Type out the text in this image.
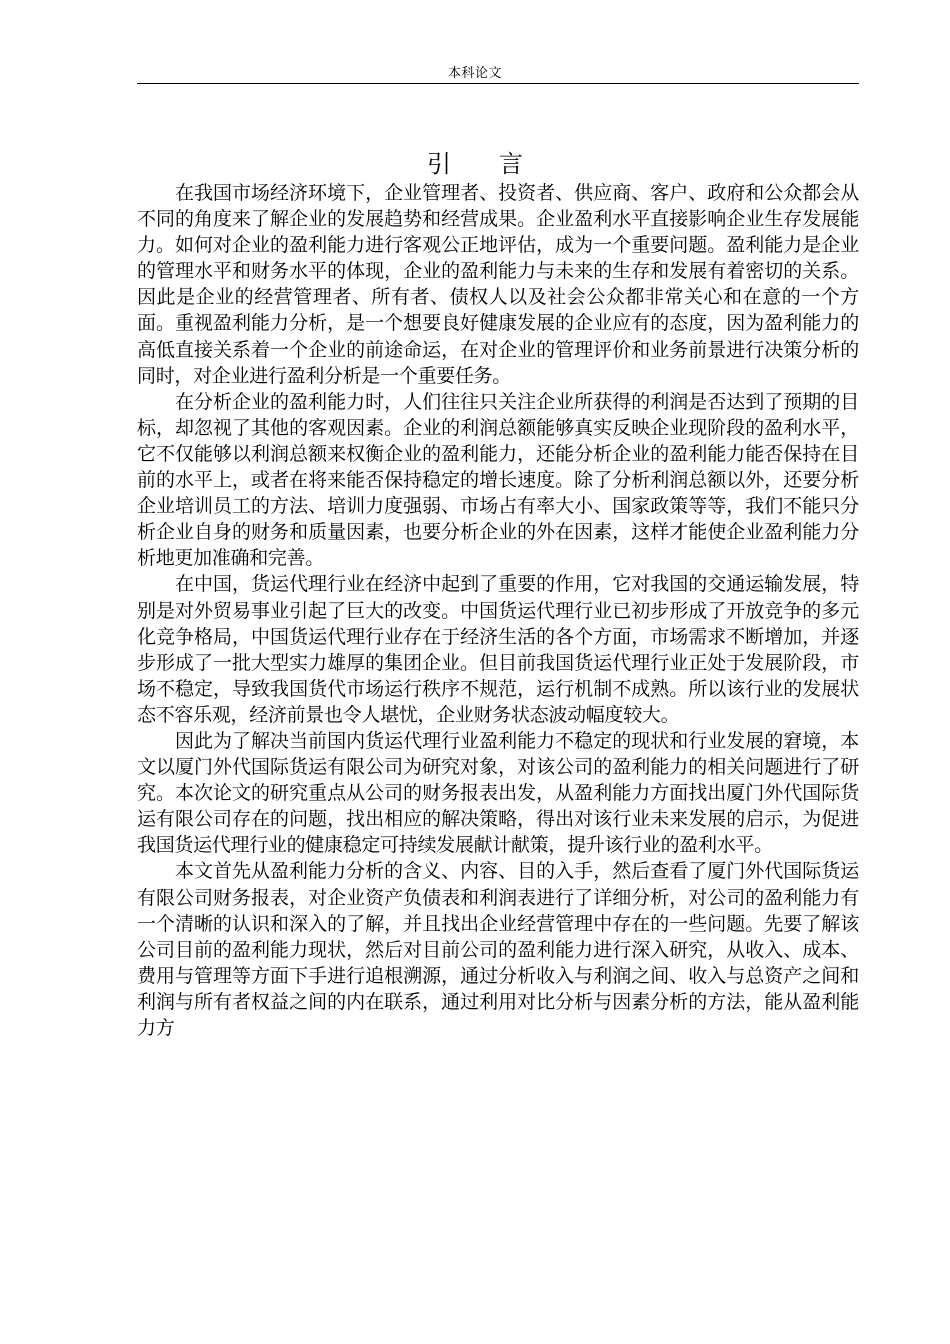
本科论文
引言

在我国市场经济环境下，企业管理者、投资者、供应商、客户、政府和公众都会从不同的角度来了解企业的发展趋势和经营成果。企业盈利水平直接影响企业生存发展能力。如何对企业的盈利能力进行客观公正地评估，成为一个重要问题。盈利能力是企业的管理水平和财务水平的体现，企业的盈利能力与未来的生存和发展有着密切的关系。因此是企业的经营管理者、所有者、债权人以及社会公众都非常关心和在意的一个方面。重视盈利能力分析，是一个想要良好健康发展的企业应有的态度，因为盈利能力的高低直接关系着一个企业的前途命运，在对企业的管理评价和业务前景进行决策分析的同时，对企业进行盈利分析是一个重要任务。

在分析企业的盈利能力时，人们往往只关注企业所获得的利润是否达到了预期的目标，却忽视了其他的客观因素。企业的利润总额能够真实反映企业现阶段的盈利水平，它不仅能够以利润总额来权衡企业的盈利能力，还能分析企业的盈利能力能否保持在目前的水平上，或者在将来能否保持稳定的增长速度。除了分析利润总额以外，还要分析企业培训员工的方法、培训力度强弱、市场占有率大小、国家政策等等，我们不能只分析企业自身的财务和质量因素，也要分析企业的外在因素，这样才能使企业盈利能力分析地更加准确和完善。

在中国，货运代理行业在经济中起到了重要的作用，它对我国的交通运输发展，特别是对外贸易事业引起了巨大的改变。中国货运代理行业已初步形成了开放竞争的多元化竞争格局，中国货运代理行业存在于经济生活的各个方面，市场需求不断增加，并逐步形成了一批大型实力雄厚的集团企业。但目前我国货运代理行业正处于发展阶段，市场不稳定，导致我国货代市场运行秩序不规范，运行机制不成熟。所以该行业的发展状态不容乐观，经济前景也令人堪忧，企业财务状态波动幅度较大。

因此为了解决当前国内货运代理行业盈利能力不稳定的现状和行业发展的窘境，本文以厦门外代国际货运有限公司为研究对象，对该公司的盈利能力的相关问题进行了研究。本次论文的研究重点从公司的财务报表出发，从盈利能力方面找出厦门外代国际货运有限公司存在的问题，找出相应的解决策略，得出对该行业未来发展的启示，为促进我国货运代理行业的健康稳定可持续发展献计献策，提升该行业的盈利水平。

本文首先从盈利能力分析的含义、内容、目的入手，然后查看了厦门外代国际货运有限公司财务报表，对企业资产负债表和利润表进行了详细分析，对公司的盈利能力有一个清晰的认识和深入的了解，并且找出企业经营管理中存在的一些问题。先要了解该公司目前的盈利能力现状，然后对目前公司的盈利能力进行深入研究，从收入、成本、费用与管理等方面下手进行追根溯源，通过分析收入与利润之间、收入与总资产之间和利润与所有者权益之间的内在联系，通过利用对比分析与因素分析的方法，能从盈利能力方
